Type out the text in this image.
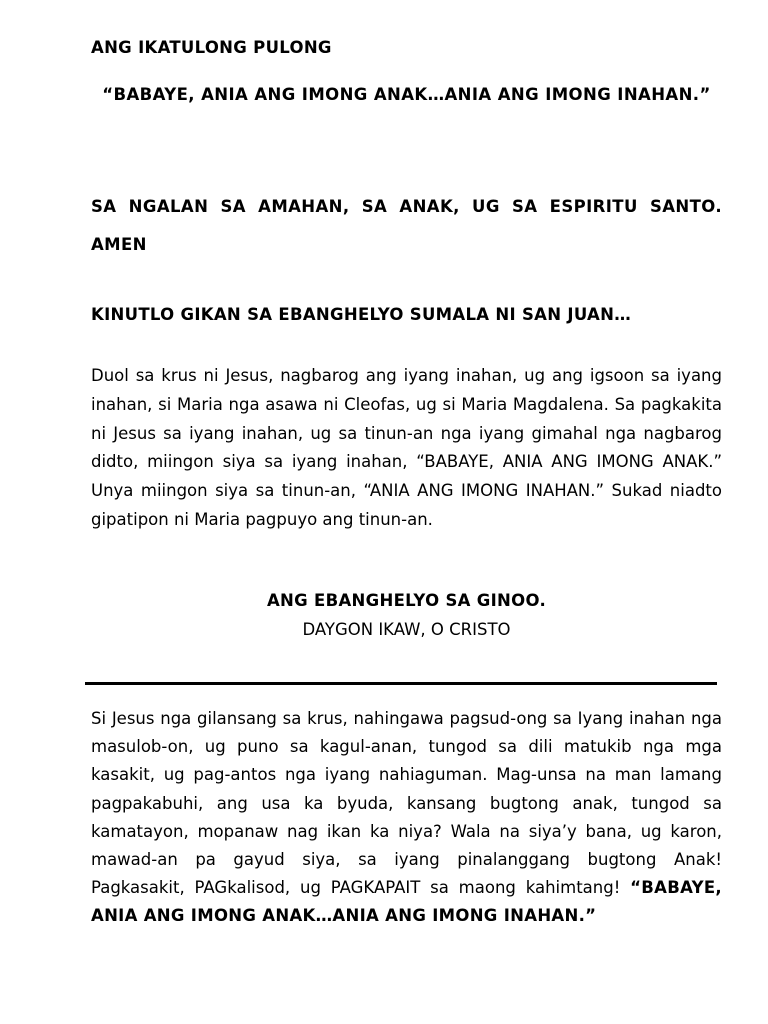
ANG IKATULONG PULONG
“BABAYE, ANIA ANG IMONG ANAK…ANIA ANG IMONG INAHAN.”
SA NGALAN SA AMAHAN, SA ANAK, UG SA ESPIRITU SANTO. AMEN
KINUTLO GIKAN SA EBANGHELYO SUMALA NI SAN JUAN…
Duol sa krus ni Jesus, nagbarog ang iyang inahan, ug ang igsoon sa iyang inahan, si Maria nga asawa ni Cleofas, ug si Maria Magdalena. Sa pagkakita ni Jesus sa iyang inahan, ug sa tinun-an nga iyang gimahal nga nagbarog didto, miingon siya sa iyang inahan, “BABAYE, ANIA ANG IMONG ANAK.” Unya miingon siya sa tinun-an, “ANIA ANG IMONG INAHAN.” Sukad niadto gipatipon ni Maria pagpuyo ang tinun-an.
ANG EBANGHELYO SA GINOO.
DAYGON IKAW, O CRISTO
Si Jesus nga gilansang sa krus, nahingawa pagsud-ong sa Iyang inahan nga masulob-on, ug puno sa kagul-anan, tungod sa dili matukib nga mga kasakit, ug pag-antos nga iyang nahiaguman. Mag-unsa na man lamang pagpakabuhi, ang usa ka byuda, kansang bugtong anak, tungod sa kamatayon, mopanaw nag ikan ka niya? Wala na siya’y bana, ug karon, mawad-an pa gayud siya, sa iyang pinalanggang bugtong Anak! Pagkasakit, PAGkalisod, ug PAGKAPAIT sa maong kahimtang! “BABAYE, ANIA ANG IMONG ANAK…ANIA ANG IMONG INAHAN.”
